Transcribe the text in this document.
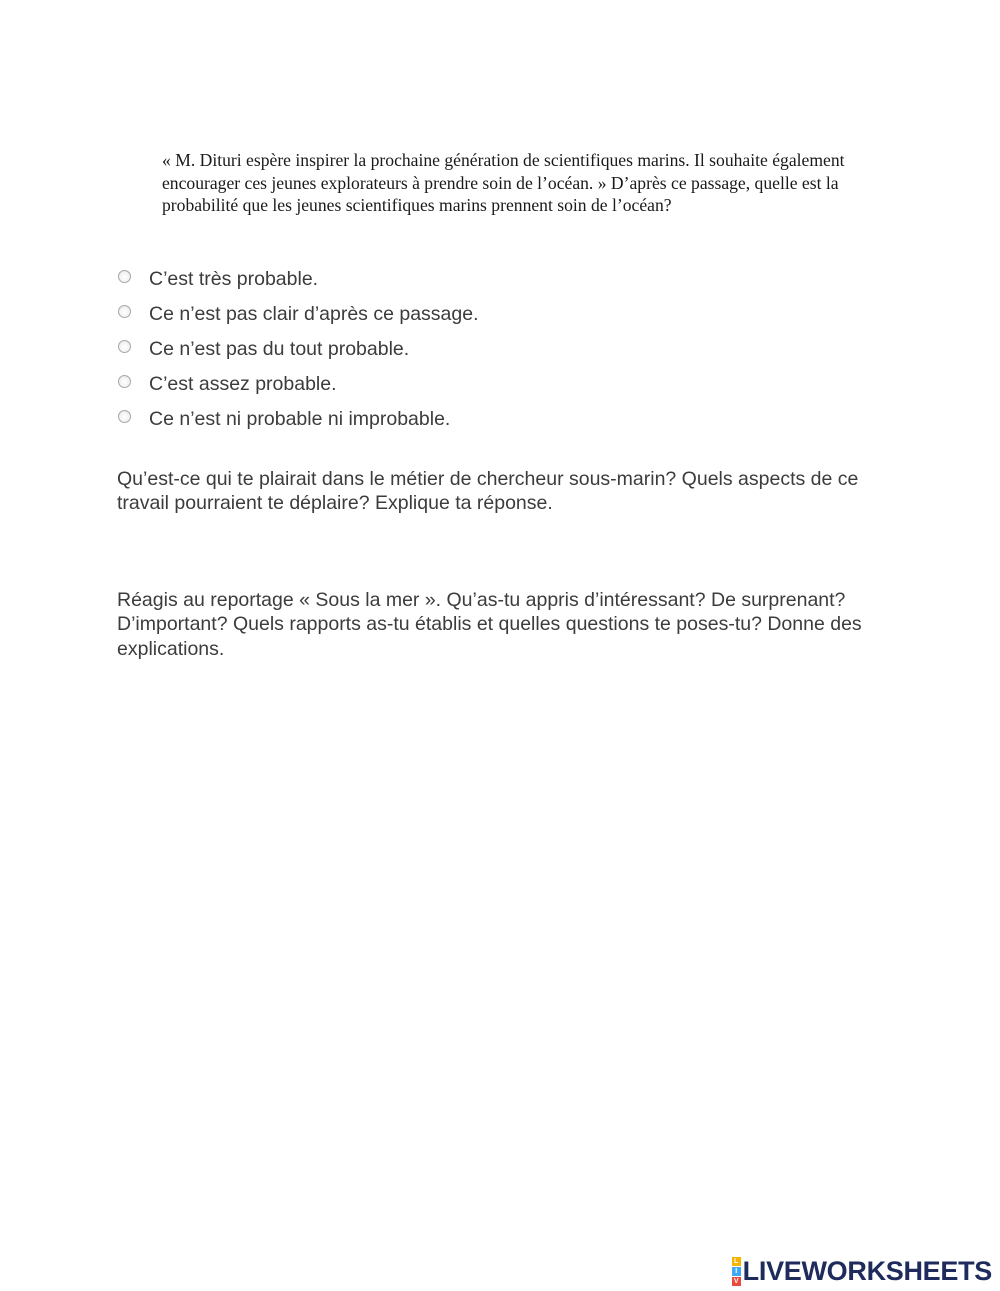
« M. Dituri espère inspirer la prochaine génération de scientifiques marins. Il souhaite également encourager ces jeunes explorateurs à prendre soin de l’océan. » D’après ce passage, quelle est la probabilité que les jeunes scientifiques marins prennent soin de l’océan?

C’est très probable.
Ce n’est pas clair d’après ce passage.
Ce n’est pas du tout probable.
C’est assez probable.
Ce n’est ni probable ni improbable.

Qu’est-ce qui te plairait dans le métier de chercheur sous-marin? Quels aspects de ce travail pourraient te déplaire? Explique ta réponse.

Réagis au reportage « Sous la mer ». Qu’as-tu appris d’intéressant? De surprenant? D’important? Quels rapports as-tu établis et quelles questions te poses-tu? Donne des explications.

L
I
V LIVEWORKSHEETS
